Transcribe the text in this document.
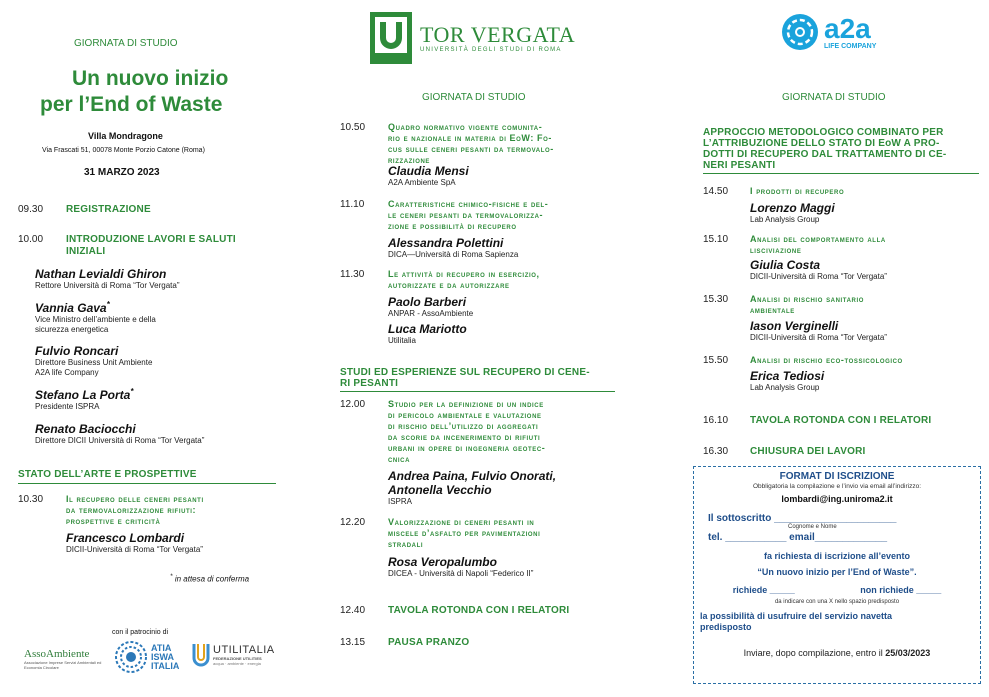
GIORNATA DI STUDIO
Un nuovo inizio
per l’End of Waste
Villa Mondragone
Via Frascati 51, 00078 Monte Porzio Catone (Roma)
31 MARZO 2023
09.30 REGISTRAZIONE
10.00 INTRODUZIONE LAVORI E SALUTI
INIZIALI
Nathan Levialdi Ghiron
Rettore Università di Roma “Tor Vergata”
Vannia Gava*
Vice Ministro dell’ambiente e della
sicurezza energetica
Fulvio Roncari
Direttore Business Unit Ambiente
A2A life Company
Stefano La Porta*
Presidente ISPRA
Renato Baciocchi
Direttore DICII Università di Roma “Tor Vergata”
STATO DELL’ARTE E PROSPETTIVE
10.30	Il recupero delle ceneri pesanti
da termovalorizzazione rifiuti:
prospettive e criticità
Francesco Lombardi
DICII-Università di Roma “Tor Vergata”
* in attesa di conferma
con il patrocinio di
AssoAmbiente
Associazione Imprese Servizi Ambientali ed Economia Circolare
ATIA
ISWA
ITALIA
UTILITALIA
FEDERAZIONE UTILITIES
acqua · ambiente · energia
TOR VERGATA
UNIVERSITÀ DEGLI STUDI DI ROMA
GIORNATA DI STUDIO
10.50	Quadro normativo vigente comunita-
rio e nazionale in materia di EoW: Fo-
cus sulle ceneri pesanti da termovalo-
rizzazione
Claudia Mensi
A2A Ambiente SpA
11.10	Caratteristiche chimico-fisiche e del-
le ceneri pesanti da termovalorizza-
zione e possibilità di recupero
Alessandra Polettini
DICA—Università di Roma Sapienza
11.30	Le attività di recupero in esercizio,
autorizzate e da autorizzare
Paolo Barberi
ANPAR - AssoAmbiente
Luca Mariotto
Utilitalia
STUDI ED ESPERIENZE SUL RECUPERO DI CENE-
RI PESANTI
12.00	Studio per la definizione di un indice
di pericolo ambientale e valutazione
di rischio dell’utilizzo di aggregati
da scorie da incenerimento di rifiuti
urbani in opere di ingegneria geotec-
cnica
Andrea Paina, Fulvio Onorati,
Antonella Vecchio
ISPRA
12.20	Valorizzazione di ceneri pesanti in
miscele d’asfalto per pavimentazioni
stradali
Rosa Veropalumbo
DICEA - Università di Napoli “Federico II”
12.40 TAVOLA ROTONDA CON I RELATORI
13.15 PAUSA PRANZO
a2a
LIFE COMPANY
GIORNATA DI STUDIO
APPROCCIO METODOLOGICO COMBINATO PER
L’ATTRIBUZIONE DELLO STATO DI EoW A PRO-
DOTTI DI RECUPERO DAL TRATTAMENTO DI CE-
NERI PESANTI
14.50 I prodotti di recupero
Lorenzo Maggi
Lab Analysis Group
15.10 Analisi del comportamento alla
lisciviazione
Giulia Costa
DICII-Università di Roma “Tor Vergata”
15.30 Analisi di rischio sanitario
ambientale
Iason Verginelli
DICII-Università di Roma “Tor Vergata”
15.50 Analisi di rischio eco-tossicologico
Erica Tediosi
Lab Analysis Group
16.10 TAVOLA ROTONDA CON I RELATORI
16.30 CHIUSURA DEI LAVORI
FORMAT DI ISCRIZIONE
Obbligatoria la compilazione e l’invio via email all’indirizzo:
lombardi@ing.uniroma2.it
Il sottoscritto ______________________
Cognome e Nome
tel. ___________ email_____________
fa richiesta di iscrizione all’evento
“Un nuovo inizio per l’End of Waste”.
richiede _____	non richiede _____
da indicare con una X nello spazio predisposto
la possibilità di usufruire del servizio navetta
predisposto
Inviare, dopo compilazione, entro il 25/03/2023
